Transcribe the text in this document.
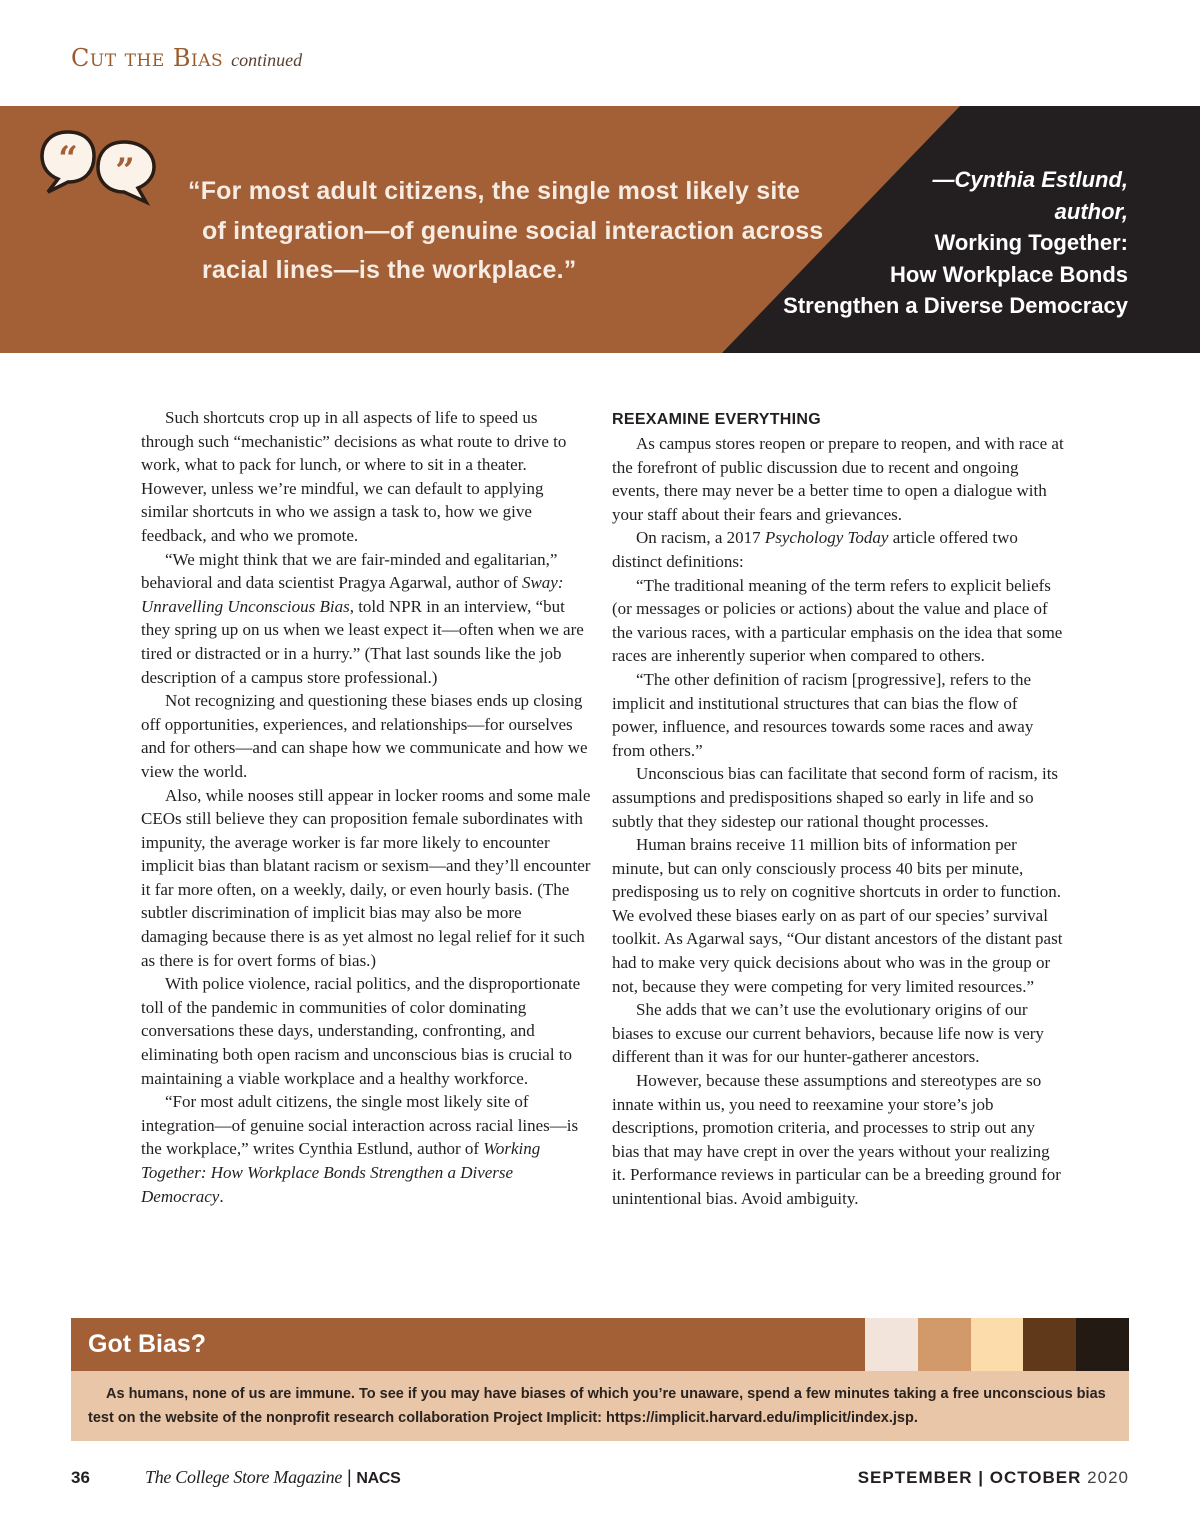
Cut the Bias continued
“ ” “For most adult citizens, the single most likely site of integration—of genuine social interaction across racial lines—is the workplace.”
—Cynthia Estlund,
author,
Working Together:
How Workplace Bonds
Strengthen a Diverse Democracy

Such shortcuts crop up in all aspects of life to speed us through such “mechanistic” decisions as what route to drive to work, what to pack for lunch, or where to sit in a theater. However, unless we’re mindful, we can default to applying similar shortcuts in who we assign a task to, how we give feedback, and who we promote.

“We might think that we are fair-minded and egalitarian,” behavioral and data scientist Pragya Agarwal, author of Sway: Unravelling Unconscious Bias, told NPR in an interview, “but they spring up on us when we least expect it—often when we are tired or distracted or in a hurry.” (That last sounds like the job description of a campus store professional.)

Not recognizing and questioning these biases ends up closing off opportunities, experiences, and relationships—for ourselves and for others—and can shape how we communicate and how we view the world.

Also, while nooses still appear in locker rooms and some male CEOs still believe they can proposition female subordinates with impunity, the average worker is far more likely to encounter implicit bias than blatant racism or sexism—and they’ll encounter it far more often, on a weekly, daily, or even hourly basis. (The subtler discrimination of implicit bias may also be more damaging because there is as yet almost no legal relief for it such as there is for overt forms of bias.)

With police violence, racial politics, and the disproportionate toll of the pandemic in communities of color dominating conversations these days, understanding, confronting, and eliminating both open racism and unconscious bias is crucial to maintaining a viable workplace and a healthy workforce.

“For most adult citizens, the single most likely site of integration—of genuine social interaction across racial lines—is the workplace,” writes Cynthia Estlund, author of Working Together: How Workplace Bonds Strengthen a Diverse Democracy.

REEXAMINE EVERYTHING

As campus stores reopen or prepare to reopen, and with race at the forefront of public discussion due to recent and ongoing events, there may never be a better time to open a dialogue with your staff about their fears and grievances.

On racism, a 2017 Psychology Today article offered two distinct definitions:

“The traditional meaning of the term refers to explicit beliefs (or messages or policies or actions) about the value and place of the various races, with a particular emphasis on the idea that some races are inherently superior when compared to others.

“The other definition of racism [progressive], refers to the implicit and institutional structures that can bias the flow of power, influence, and resources towards some races and away from others.”

Unconscious bias can facilitate that second form of racism, its assumptions and predispositions shaped so early in life and so subtly that they sidestep our rational thought processes.

Human brains receive 11 million bits of information per minute, but can only consciously process 40 bits per minute, predisposing us to rely on cognitive shortcuts in order to function. We evolved these biases early on as part of our species’ survival toolkit. As Agarwal says, “Our distant ancestors of the distant past had to make very quick decisions about who was in the group or not, because they were competing for very limited resources.”

She adds that we can’t use the evolutionary origins of our biases to excuse our current behaviors, because life now is very different than it was for our hunter-gatherer ancestors.

However, because these assumptions and stereotypes are so innate within us, you need to reexamine your store’s job descriptions, promotion criteria, and processes to strip out any bias that may have crept in over the years without your realizing it. Performance reviews in particular can be a breeding ground for unintentional bias. Avoid ambiguity.

Got Bias?

As humans, none of us are immune. To see if you may have biases of which you’re unaware, spend a few minutes taking a free unconscious bias test on the website of the nonprofit research collaboration Project Implicit: https://implicit.harvard.edu/implicit/index.jsp.

36	The College Store Magazine | NACS	SEPTEMBER | OCTOBER 2020
